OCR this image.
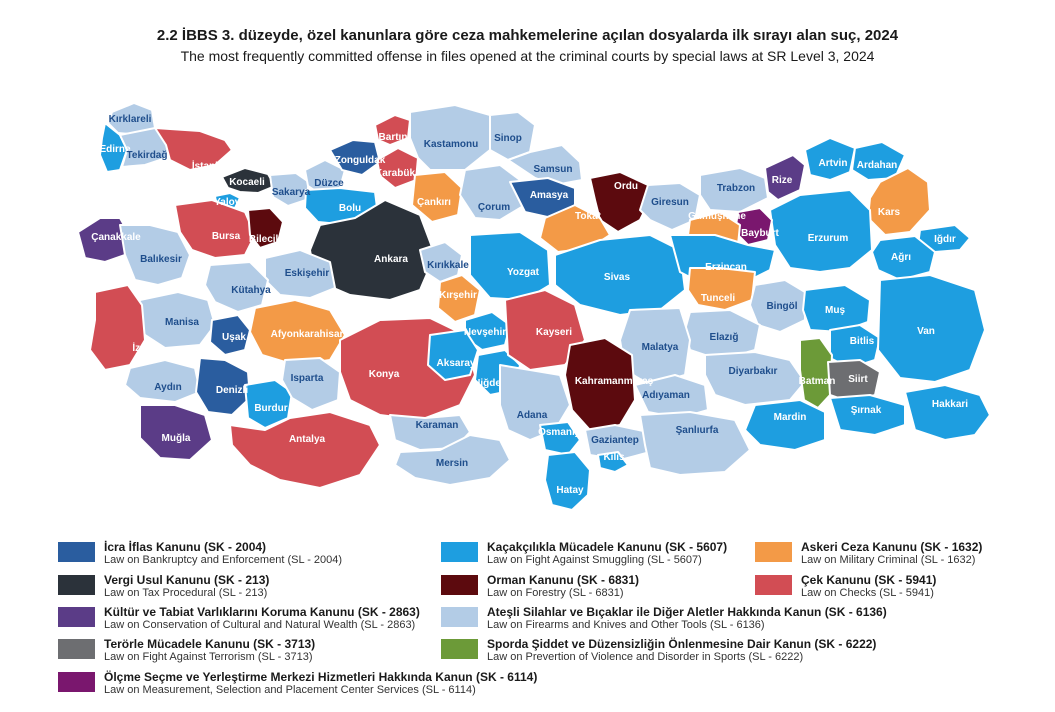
2.2 İBBS 3. düzeyde, özel kanunlara göre ceza mahkemelerine açılan dosyalarda ilk sırayı alan suç, 2024
The most frequently committed offense in files opened at the criminal courts by special laws at SR Level 3, 2024
Kırklareli
Edirne
Tekirdağ
İstanbul
Kocaeli
Yalova
Sakarya
Düzce
Zonguldak
Bartın
Karabük
Kastamonu
Sinop
Samsun
Ordu
Giresun
Trabzon
Rize
Artvin Ardahan
Kars
Iğdır
Ağrı
Erzurum
Bayburt
Gümüşhane
Çanakkale
Balıkesir
Bursa Bilecik
Bolu
Ankara
Çankırı	Çorum
Amasya
Tokat
Eskişehir
Kütahya
Manisa
İzmir
Uşak Afyonkarahisar
Aydın	Denizli
Muğla
Burdur
Isparta
Antalya
Konya
Karaman
Mersin
Kırıkkale
Kırşehir
Yozgat
Nevşehir
Aksaray
Niğde
Kayseri
Sivas
Erzincan
Tunceli
Bingöl
Elazığ
Malatya
Muş
Bitlis
Van
Adana
Osmaniye
Hatay
Kahramanmaraş
Adıyaman
Gaziantep
Kilis
Şanlıurfa
Diyarbakır
Batman Siirt
Mardin
Şırnak
Hakkari
İcra İflas Kanunu (SK - 2004)
Law on Bankruptcy and Enforcement (SL - 2004)
Vergi Usul Kanunu (SK - 213)
Law on Tax Procedural (SL - 213)
Kültür ve Tabiat Varlıklarını Koruma Kanunu (SK - 2863)
Law on Conservation of Cultural and Natural Wealth (SL - 2863)
Terörle Mücadele Kanunu (SK - 3713)
Law on Fight Against Terrorism (SL - 3713)
Ölçme Seçme ve Yerleştirme Merkezi Hizmetleri Hakkında Kanun (SK - 6114)
Law on Measurement, Selection and Placement Center Services (SL - 6114)
Kaçakçılıkla Mücadele Kanunu (SK - 5607)
Law on Fight Against Smuggling (SL - 5607)
Orman Kanunu (SK - 6831)
Law on Forestry (SL - 6831)
Ateşli Silahlar ve Bıçaklar ile Diğer Aletler Hakkında Kanun (SK - 6136)
Law on Firearms and Knives and Other Tools (SL - 6136)
Sporda Şiddet ve Düzensizliğin Önlenmesine Dair Kanun (SK - 6222)
Law on Prevertion of Violence and Disorder in Sports (SL - 6222)
Askeri Ceza Kanunu (SK - 1632)
Law on Military Criminal (SL - 1632)
Çek Kanunu (SK - 5941)
Law on Checks (SL - 5941)
